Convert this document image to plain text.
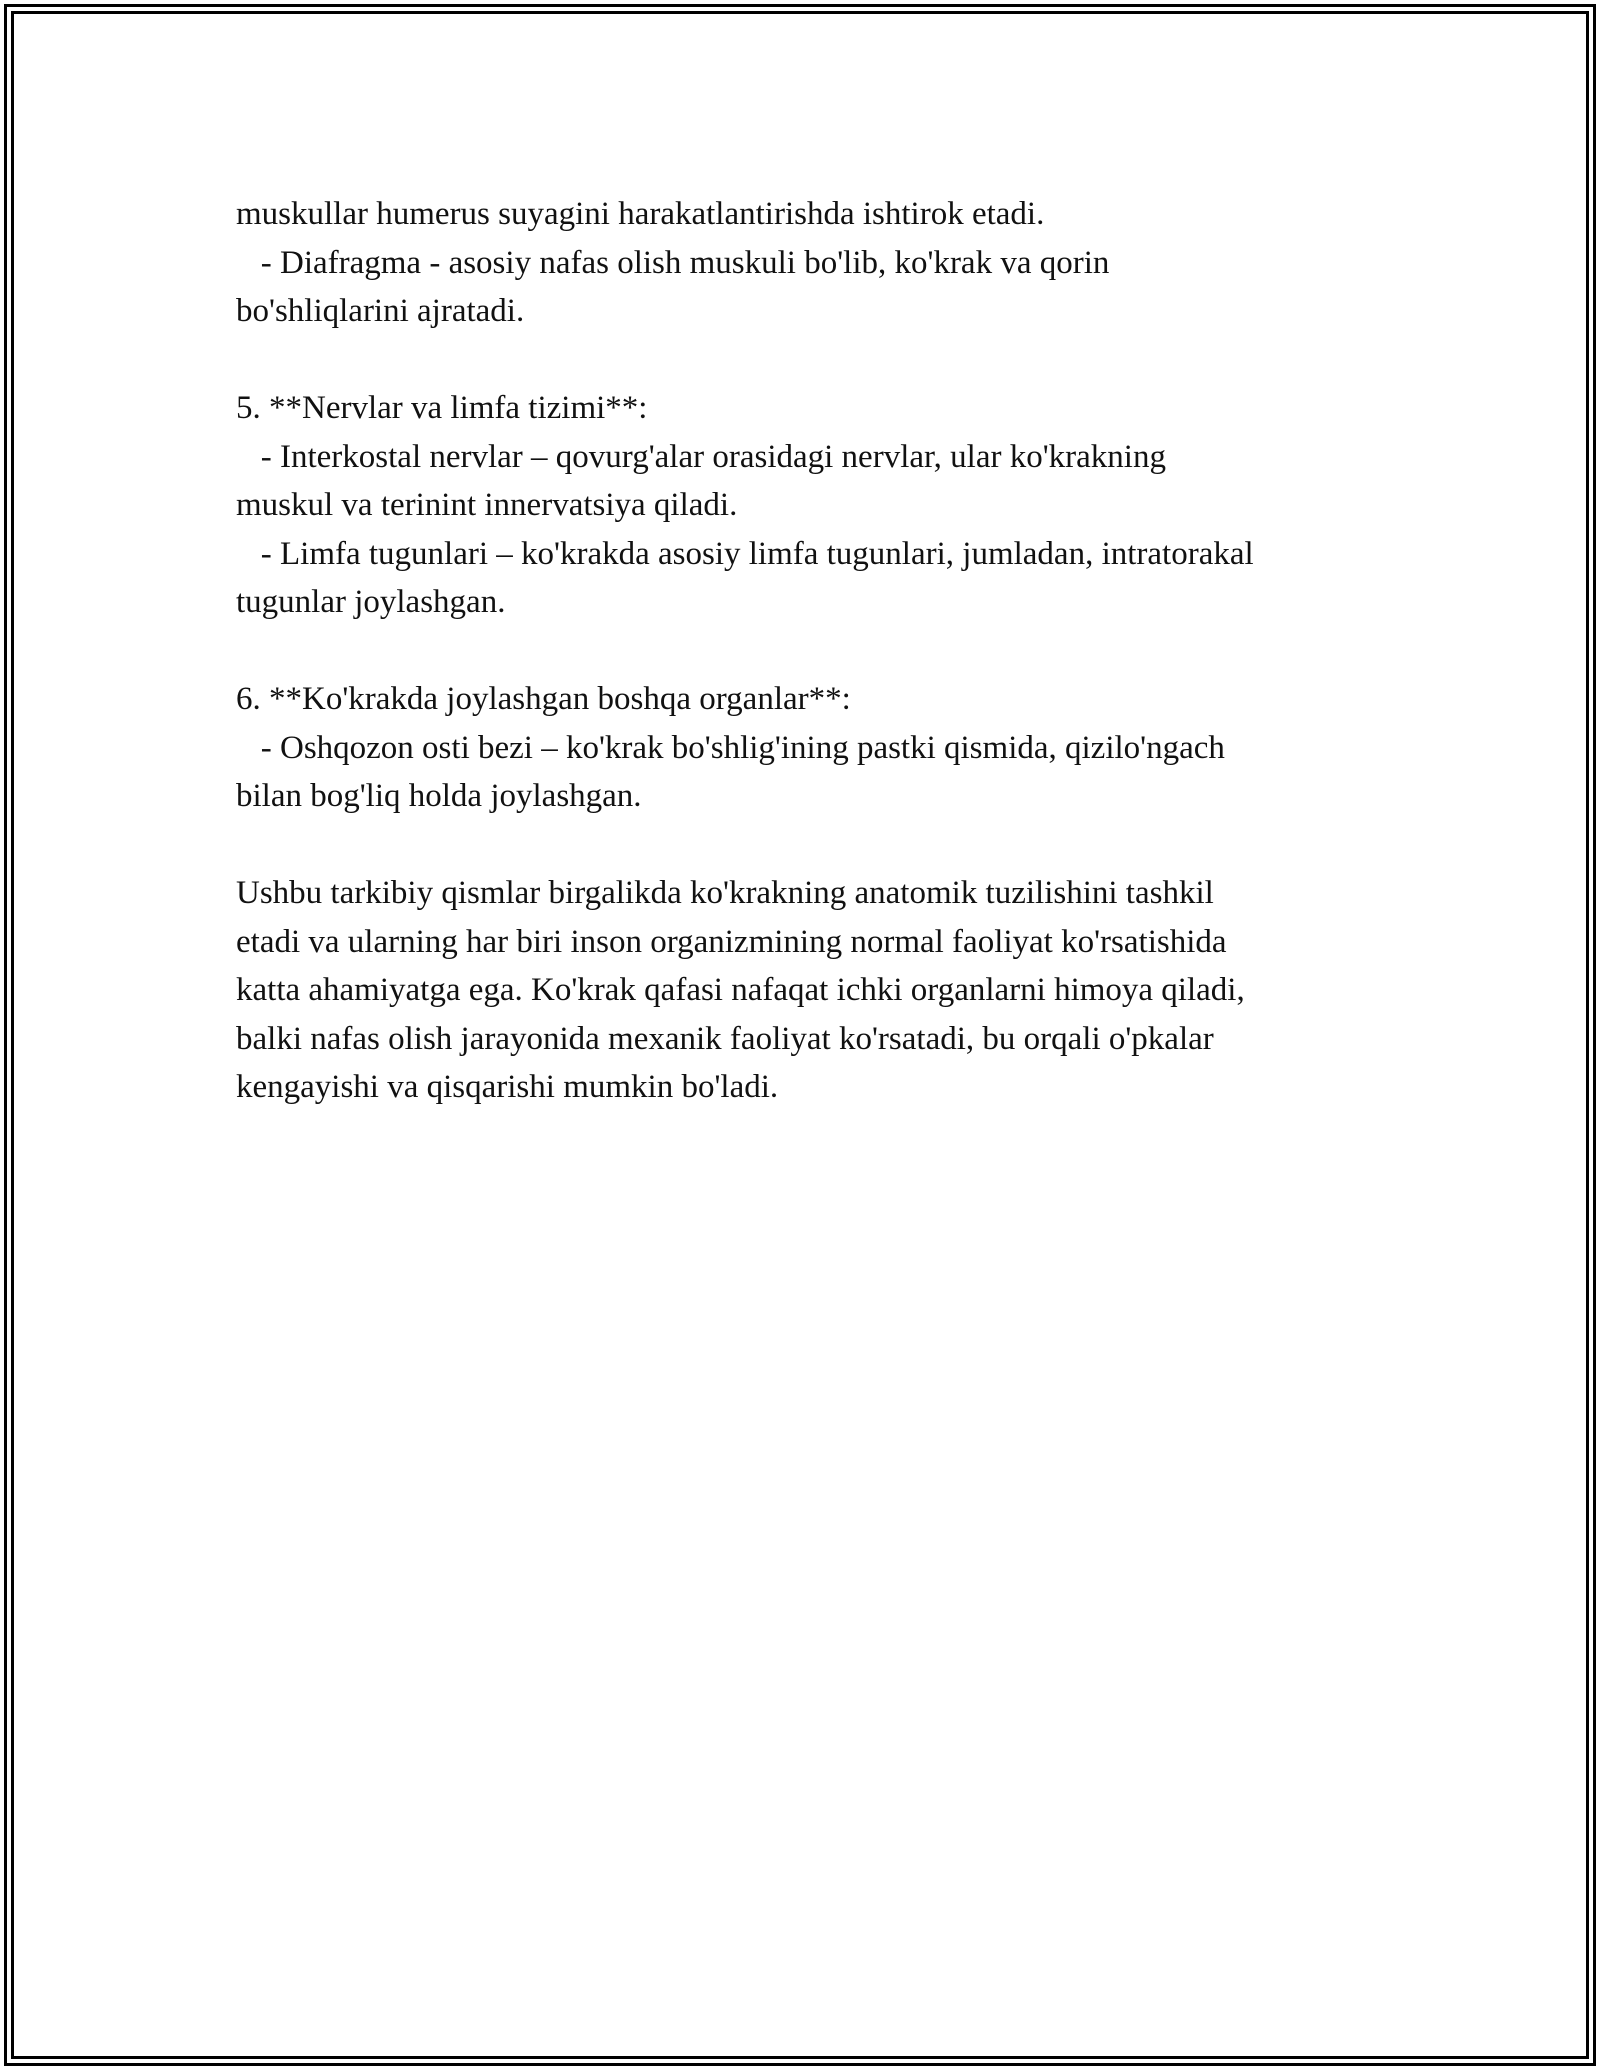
muskullar humerus suyagini harakatlantirishda ishtirok etadi.
- Diafragma - asosiy nafas olish muskuli bo'lib, ko'krak va qorin
bo'shliqlarini ajratadi.
5. **Nervlar va limfa tizimi**:
- Interkostal nervlar – qovurg'alar orasidagi nervlar, ular ko'krakning
muskul va terinint innervatsiya qiladi.
- Limfa tugunlari – ko'krakda asosiy limfa tugunlari, jumladan, intratorakal
tugunlar joylashgan.
6. **Ko'krakda joylashgan boshqa organlar**:
- Oshqozon osti bezi – ko'krak bo'shlig'ining pastki qismida, qizilo'ngach
bilan bog'liq holda joylashgan.
Ushbu tarkibiy qismlar birgalikda ko'krakning anatomik tuzilishini tashkil
etadi va ularning har biri inson organizmining normal faoliyat ko'rsatishida
katta ahamiyatga ega. Ko'krak qafasi nafaqat ichki organlarni himoya qiladi,
balki nafas olish jarayonida mexanik faoliyat ko'rsatadi, bu orqali o'pkalar
kengayishi va qisqarishi mumkin bo'ladi.
